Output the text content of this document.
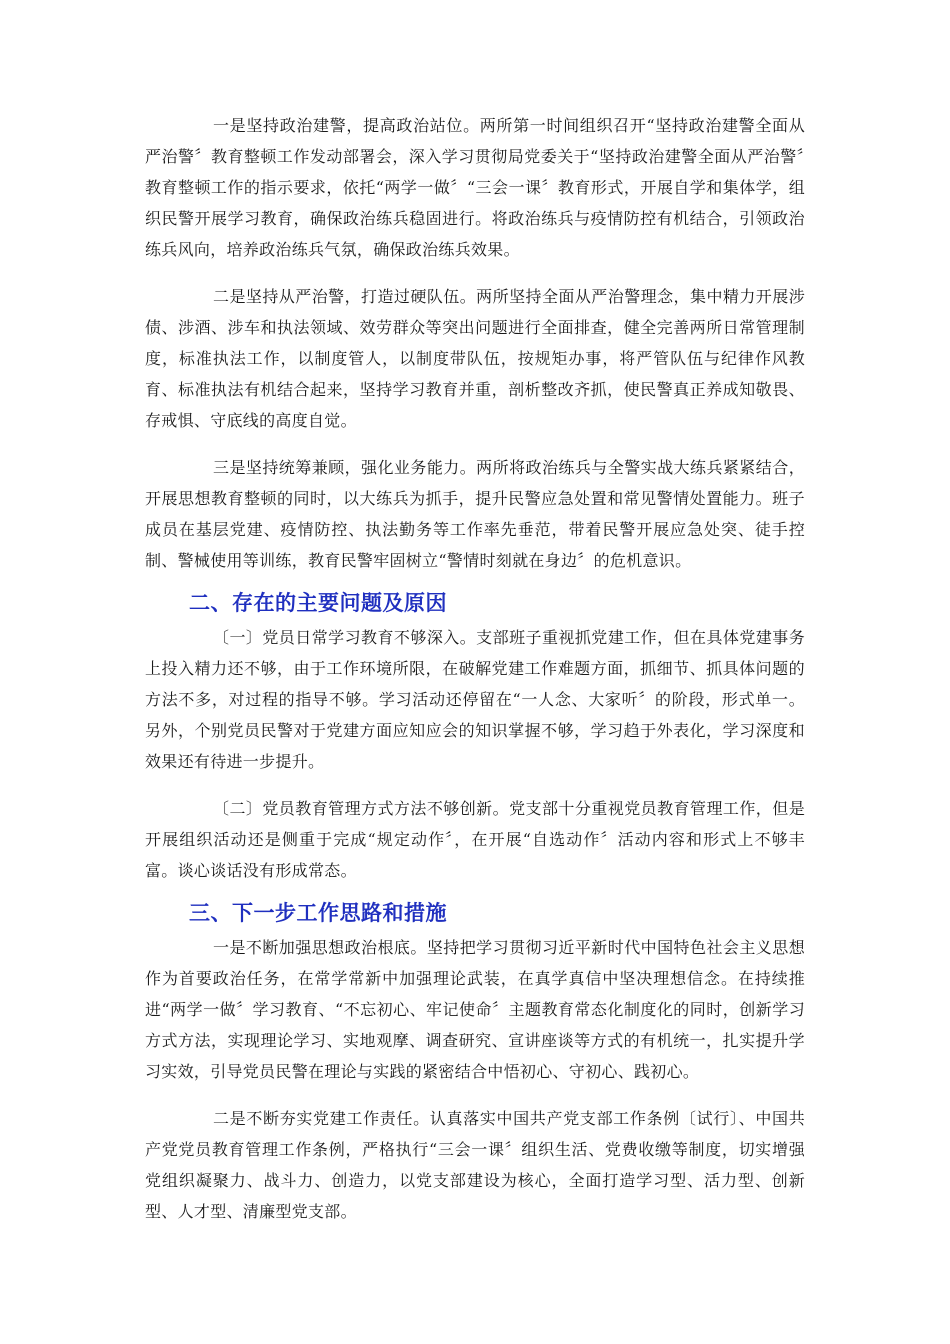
一是坚持政治建警，提高政治站位。两所第一时间组织召开“坚持政治建警全面从严治警〞教育整顿工作发动部署会，深入学习贯彻局党委关于“坚持政治建警全面从严治警〞教育整顿工作的指示要求，依托“两学一做〞“三会一课〞教育形式，开展自学和集体学，组织民警开展学习教育，确保政治练兵稳固进行。将政治练兵与疫情防控有机结合，引领政治练兵风向，培养政治练兵气氛，确保政治练兵效果。

二是坚持从严治警，打造过硬队伍。两所坚持全面从严治警理念，集中精力开展涉债、涉酒、涉车和执法领域、效劳群众等突出问题进行全面排查，健全完善两所日常管理制度，标准执法工作，以制度管人，以制度带队伍，按规矩办事，将严管队伍与纪律作风教育、标准执法有机结合起来，坚持学习教育并重，剖析整改齐抓，使民警真正养成知敬畏、存戒惧、守底线的高度自觉。

三是坚持统筹兼顾，强化业务能力。两所将政治练兵与全警实战大练兵紧紧结合，开展思想教育整顿的同时，以大练兵为抓手，提升民警应急处置和常见警情处置能力。班子成员在基层党建、疫情防控、执法勤务等工作率先垂范，带着民警开展应急处突、徒手控制、警械使用等训练，教育民警牢固树立“警情时刻就在身边〞的危机意识。

二、存在的主要问题及原因

〔一〕党员日常学习教育不够深入。支部班子重视抓党建工作，但在具体党建事务上投入精力还不够，由于工作环境所限，在破解党建工作难题方面，抓细节、抓具体问题的方法不多，对过程的指导不够。学习活动还停留在“一人念、大家听〞的阶段，形式单一。另外，个别党员民警对于党建方面应知应会的知识掌握不够，学习趋于外表化，学习深度和效果还有待进一步提升。

〔二〕党员教育管理方式方法不够创新。党支部十分重视党员教育管理工作，但是开展组织活动还是侧重于完成“规定动作〞，在开展“自选动作〞活动内容和形式上不够丰富。谈心谈话没有形成常态。

三、下一步工作思路和措施

一是不断加强思想政治根底。坚持把学习贯彻习近平新时代中国特色社会主义思想作为首要政治任务，在常学常新中加强理论武装，在真学真信中坚决理想信念。在持续推进“两学一做〞学习教育、“不忘初心、牢记使命〞主题教育常态化制度化的同时，创新学习方式方法，实现理论学习、实地观摩、调查研究、宣讲座谈等方式的有机统一，扎实提升学习实效，引导党员民警在理论与实践的紧密结合中悟初心、守初心、践初心。

二是不断夯实党建工作责任。认真落实中国共产党支部工作条例〔试行〕、中国共产党党员教育管理工作条例，严格执行“三会一课〞组织生活、党费收缴等制度，切实增强党组织凝聚力、战斗力、创造力，以党支部建设为核心，全面打造学习型、活力型、创新型、人才型、清廉型党支部。
